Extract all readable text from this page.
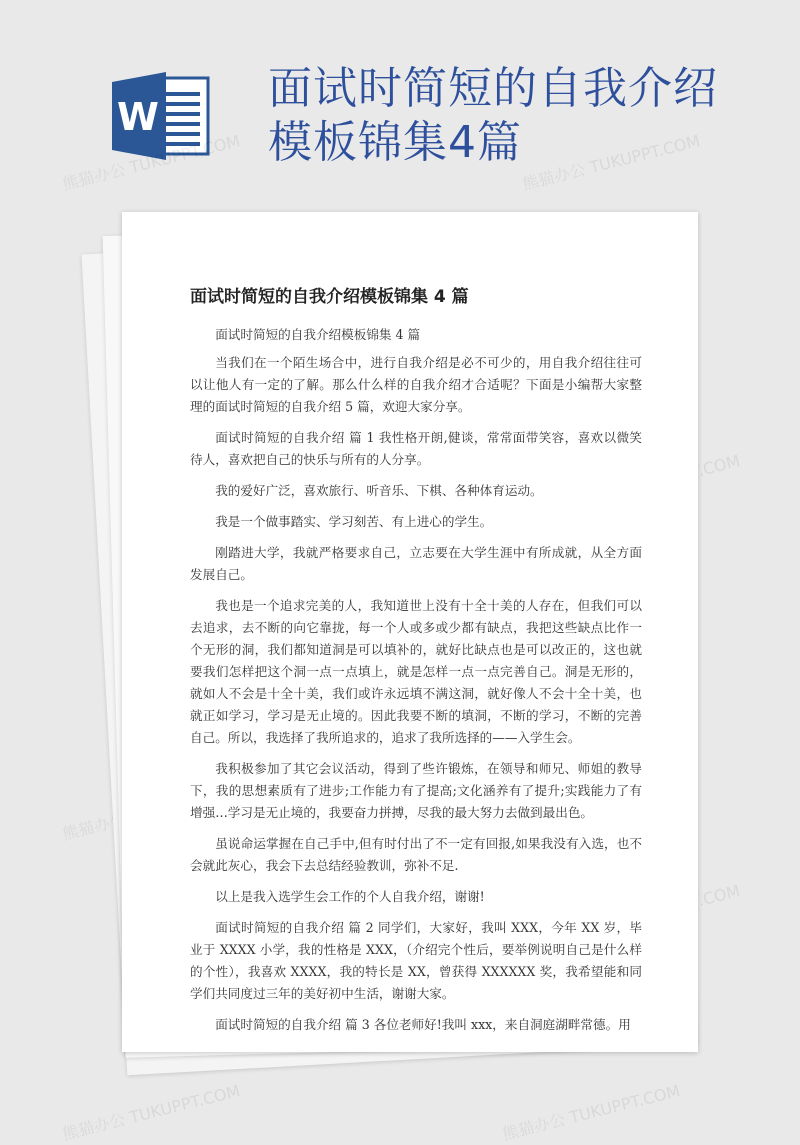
W
面试时简短的自我介绍
模板锦集4篇
熊猫办公 TUKUPPT.COM	熊猫办公 TUKUPPT.COM
熊猫办公
熊猫办公 TUKUPPT.COM	熊猫办公 TUKUPPT.COM
面试时简短的自我介绍模板锦集 4 篇

面试时简短的自我介绍模板锦集 4 篇

当我们在一个陌生场合中，进行自我介绍是必不可少的，用自我介绍往往可以让他人有一定的了解。那么什么样的自我介绍才合适呢？下面是小编帮大家整理的面试时简短的自我介绍 5 篇，欢迎大家分享。

面试时简短的自我介绍 篇 1 我性格开朗,健谈，常常面带笑容，喜欢以微笑待人，喜欢把自己的快乐与所有的人分享。

我的爱好广泛，喜欢旅行、听音乐、下棋、各种体育运动。

我是一个做事踏实、学习刻苦、有上进心的学生。

刚踏进大学，我就严格要求自己，立志要在大学生涯中有所成就，从全方面发展自己。

我也是一个追求完美的人，我知道世上没有十全十美的人存在，但我们可以去追求，去不断的向它靠拢，每一个人或多或少都有缺点，我把这些缺点比作一个无形的洞，我们都知道洞是可以填补的，就好比缺点也是可以改正的，这也就要我们怎样把这个洞一点一点填上，就是怎样一点一点完善自己。洞是无形的，就如人不会是十全十美，我们或许永远填不满这洞，就好像人不会十全十美，也就正如学习，学习是无止境的。因此我要不断的填洞，不断的学习，不断的完善自己。所以，我选择了我所追求的，追求了我所选择的——入学生会。

我积极参加了其它会议活动，得到了些许锻炼，在领导和师兄、师姐的教导下，我的思想素质有了进步;工作能力有了提高;文化涵养有了提升;实践能力了有增强…学习是无止境的，我要奋力拼搏，尽我的最大努力去做到最出色。

虽说命运掌握在自己手中,但有时付出了不一定有回报,如果我没有入选，也不会就此灰心，我会下去总结经验教训，弥补不足.

以上是我入选学生会工作的个人自我介绍，谢谢!

面试时简短的自我介绍 篇 2 同学们，大家好，我叫 XXX，今年 XX 岁，毕业于 XXXX 小学，我的性格是 XXX，（介绍完个性后，要举例说明自己是什么样的个性），我喜欢 XXXX，我的特长是 XX，曾获得 XXXXXX 奖，我希望能和同学们共同度过三年的美好初中生活，谢谢大家。

面试时简短的自我介绍 篇 3 各位老师好!我叫 xxx，来自洞庭湖畔常德。用
